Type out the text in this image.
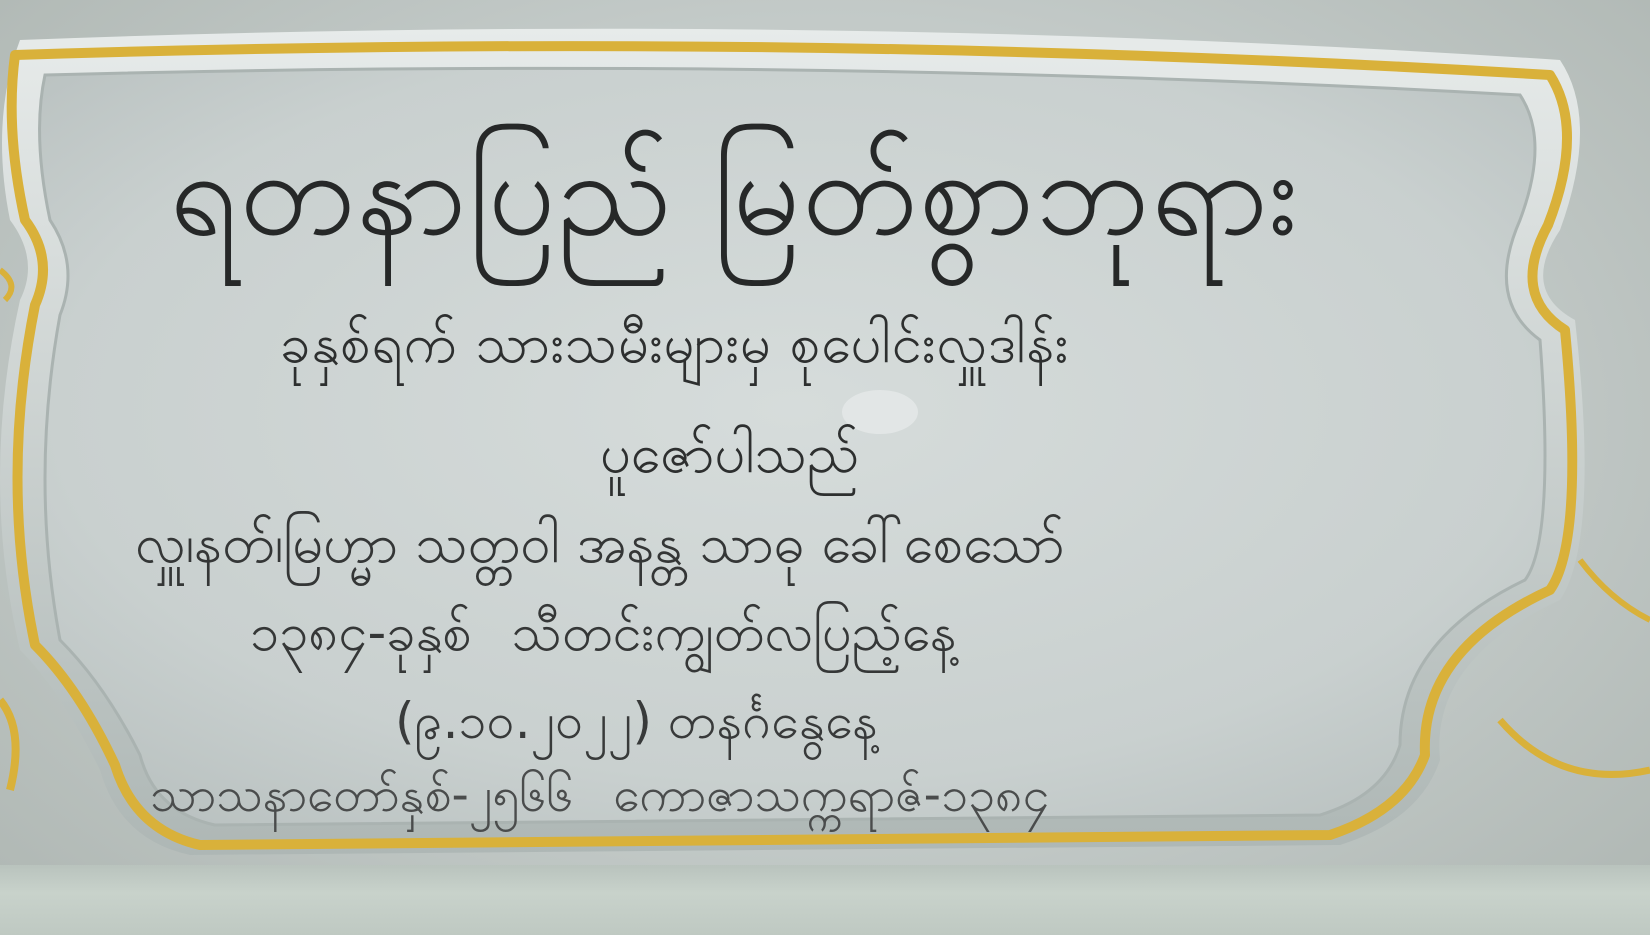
ရတနာပြည် မြတ်စွာဘုရား
ခုနှစ်ရက် သားသမီးများမှ စုပေါင်းလှူဒါန်း
ပူဇော်ပါသည်
လှူ၊နတ်၊မြဟ္မာ သတ္တဝါ အနန္တ သာဓု ခေါ်စေသော်
၁၃၈၄-ခုနှစ် သီတင်းကျွတ်လပြည့်နေ့
(၉.၁၀.၂၀၂၂) တနင်္ဂနွေနေ့
သာသနာတော်နှစ်-၂၅၆၆ ကောဇာသက္ကရာဇ်-၁၃၈၄
